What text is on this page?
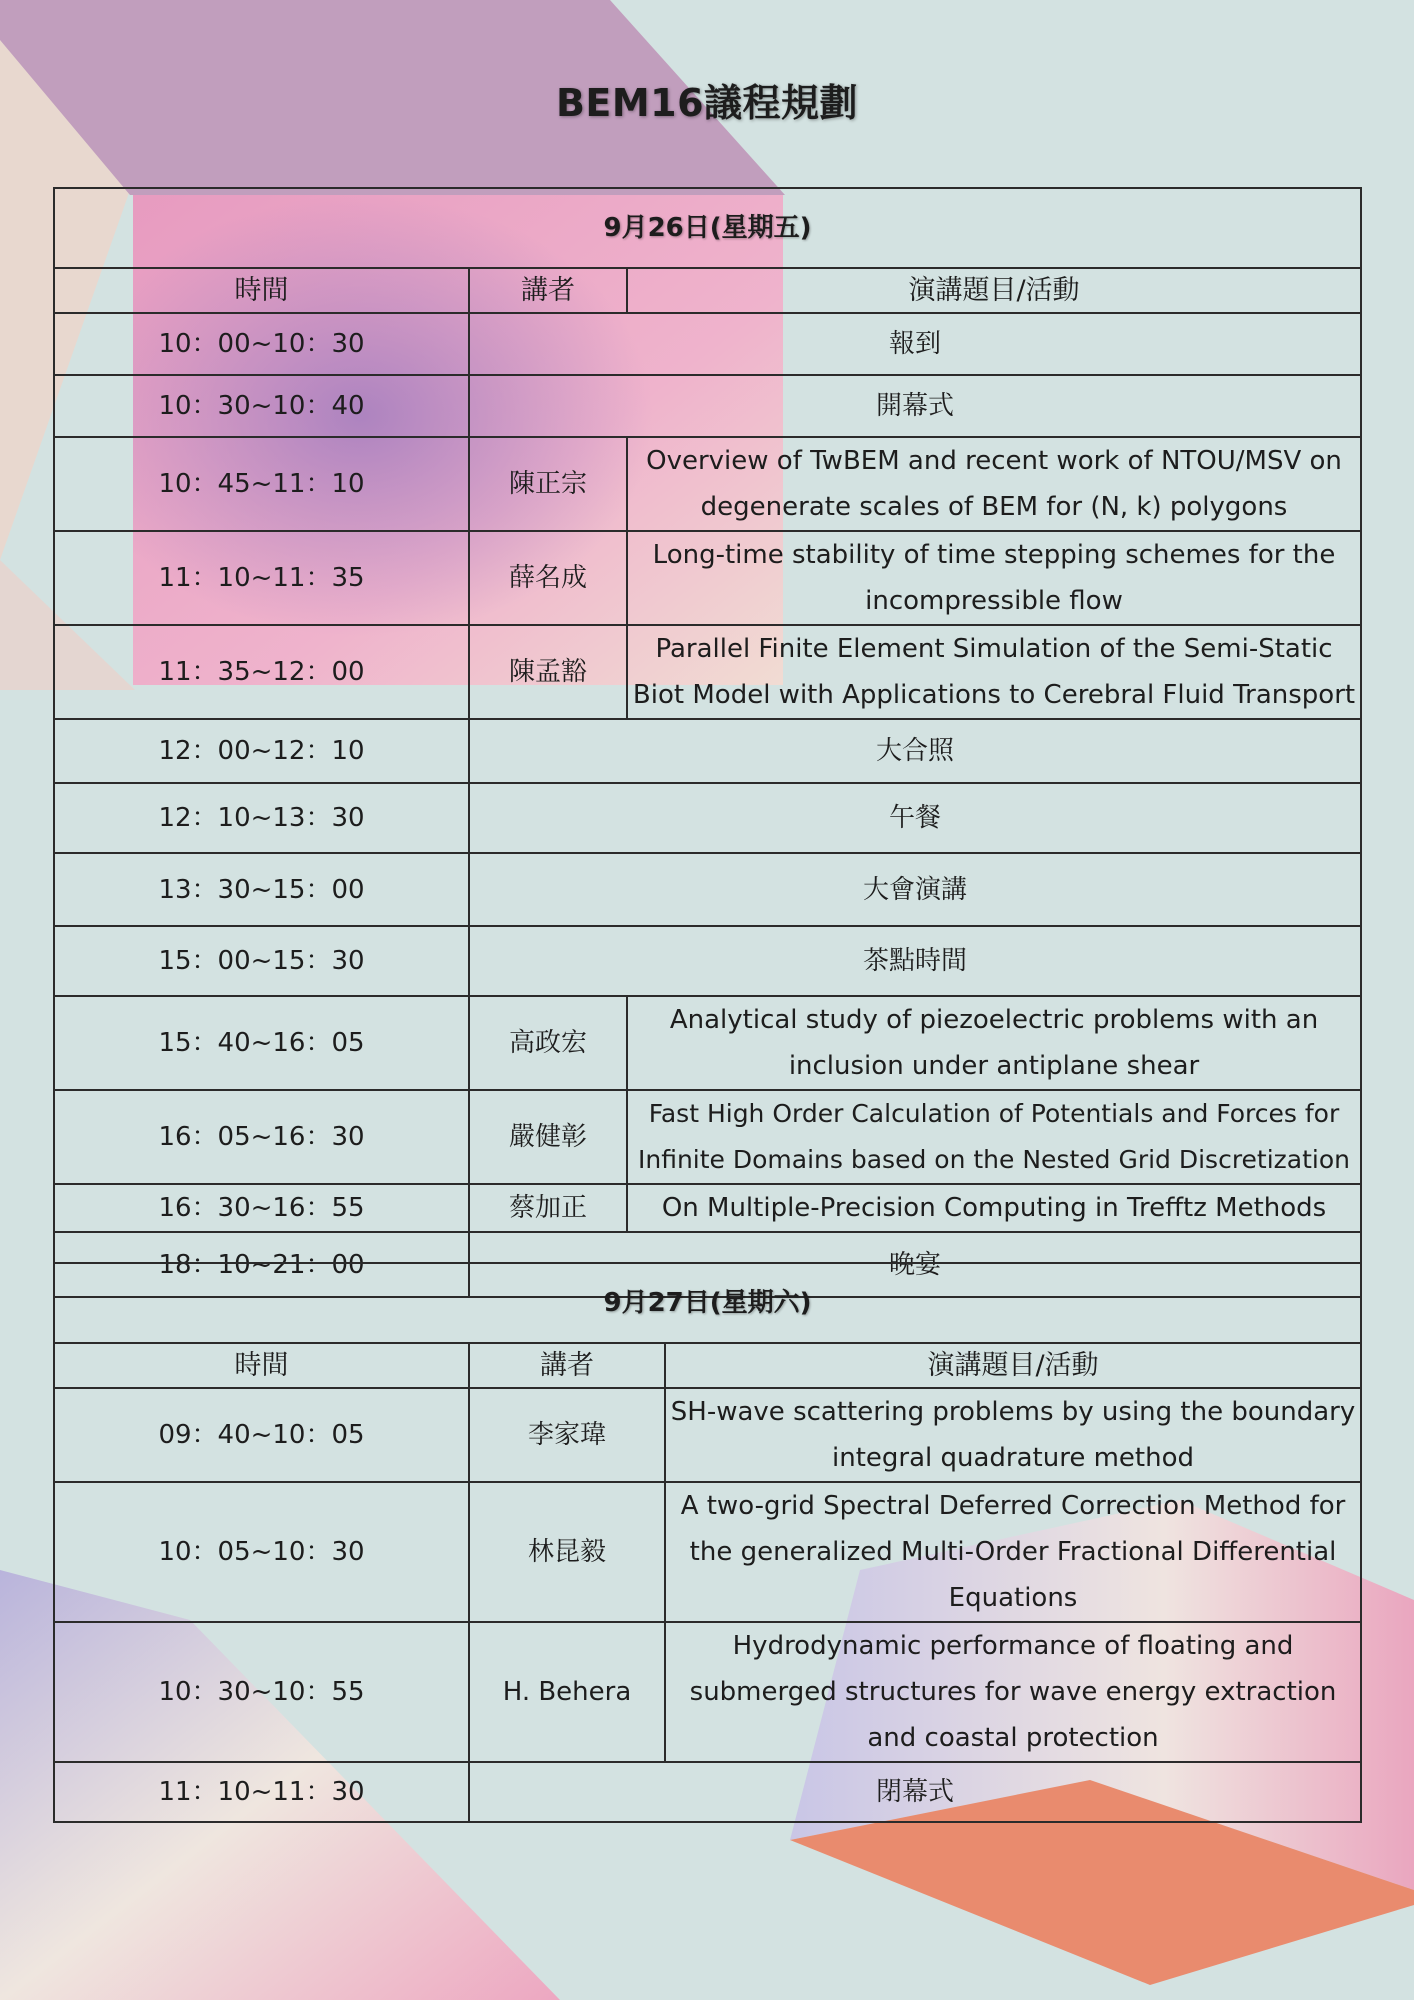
BEM16議程規劃
9月26日(星期五)		
時間	講者	演講題目/活動
10：00~10：30	報到	
10：30~10：40	開幕式	
10：45~11：10	陳正宗	Overview of TwBEM and recent work of NTOU/MSV on degenerate scales of BEM for (N, k) polygons
11：10~11：35	薛名成	Long-time stability of time stepping schemes for the incompressible flow
11：35~12：00	陳孟豁	Parallel Finite Element Simulation of the Semi-Static Biot Model with Applications to Cerebral Fluid Transport
12：00~12：10	大合照	
12：10~13：30	午餐	
13：30~15：00	大會演講	
15：00~15：30	茶點時間	
15：40~16：05	高政宏	Analytical study of piezoelectric problems with an inclusion under antiplane shear
16：05~16：30	嚴健彰	Fast High Order Calculation of Potentials and Forces for Infinite Domains based on the Nested Grid Discretization
16：30~16：55	蔡加正	On Multiple-Precision Computing in Trefftz Methods
18：10~21：00	晚宴	
9月27日(星期六)		
時間	講者	演講題目/活動
09：40~10：05	李家瑋	SH-wave scattering problems by using the boundary integral quadrature method
10：05~10：30	林昆毅	A two-grid Spectral Deferred Correction Method for the generalized Multi-Order Fractional Differential Equations
10：30~10：55	H. Behera	Hydrodynamic performance of floating and submerged structures for wave energy extraction and coastal protection
11：10~11：30	閉幕式	
